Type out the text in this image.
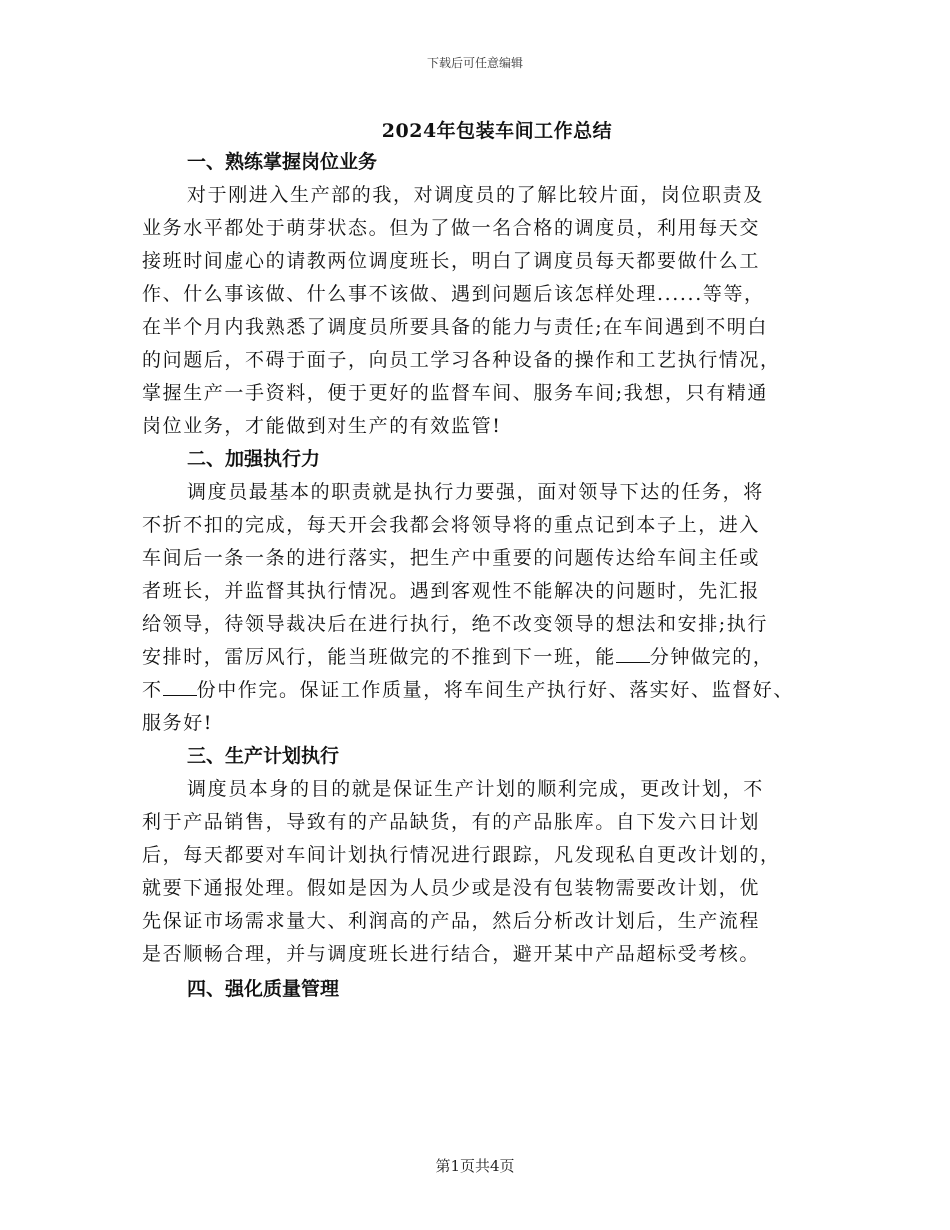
下载后可任意编辑
2024年包装车间工作总结
一、熟练掌握岗位业务
对于刚进入生产部的我，对调度员的了解比较片面，岗位职责及
业务水平都处于萌芽状态。但为了做一名合格的调度员，利用每天交
接班时间虚心的请教两位调度班长，明白了调度员每天都要做什么工
作、什么事该做、什么事不该做、遇到问题后该怎样处理......等等，
在半个月内我熟悉了调度员所要具备的能力与责任;在车间遇到不明白
的问题后，不碍于面子，向员工学习各种设备的操作和工艺执行情况，
掌握生产一手资料，便于更好的监督车间、服务车间;我想，只有精通
岗位业务，才能做到对生产的有效监管!
二、加强执行力
调度员最基本的职责就是执行力要强，面对领导下达的任务，将
不折不扣的完成，每天开会我都会将领导将的重点记到本子上，进入
车间后一条一条的进行落实，把生产中重要的问题传达给车间主任或
者班长，并监督其执行情况。遇到客观性不能解决的问题时，先汇报
给领导，待领导裁决后在进行执行，绝不改变领导的想法和安排;执行
安排时，雷厉风行，能当班做完的不推到下一班，能 分钟做完的，
不 份中作完。保证工作质量，将车间生产执行好、落实好、监督好、
服务好!
三、生产计划执行
调度员本身的目的就是保证生产计划的顺利完成，更改计划，不
利于产品销售，导致有的产品缺货，有的产品胀库。自下发六日计划
后，每天都要对车间计划执行情况进行跟踪，凡发现私自更改计划的，
就要下通报处理。假如是因为人员少或是没有包装物需要改计划，优
先保证市场需求量大、利润高的产品，然后分析改计划后，生产流程
是否顺畅合理，并与调度班长进行结合，避开某中产品超标受考核。
四、强化质量管理
第1页共4页
